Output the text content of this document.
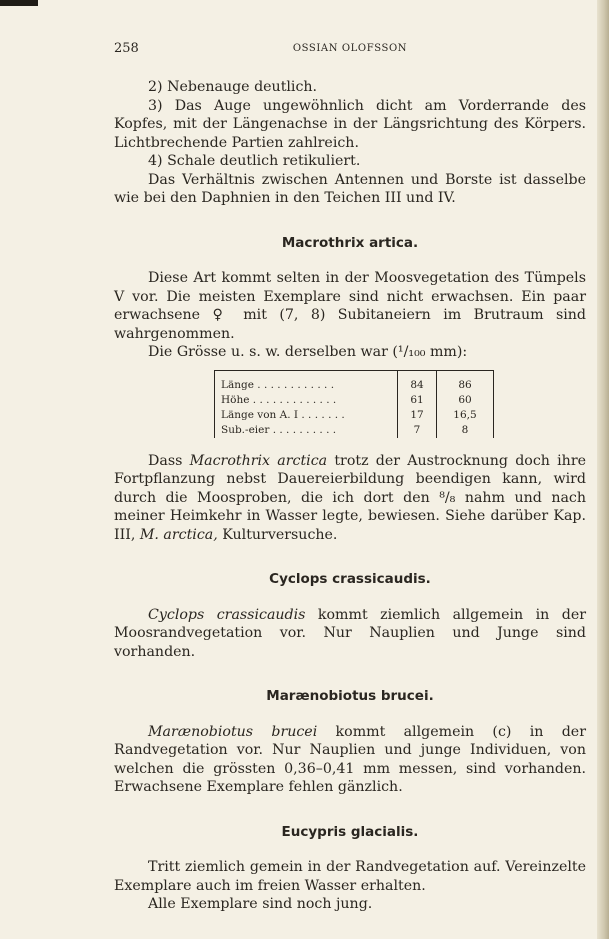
258	OSSIAN OLOFSSON

2) Nebenauge deutlich.

3) Das Auge ungewöhnlich dicht am Vorderrande des Kopfes, mit der Längenachse in der Längsrichtung des Körpers. Lichtbrechende Partien zahlreich.

4) Schale deutlich retikuliert.

Das Verhältnis zwischen Antennen und Borste ist dasselbe wie bei den Daphnien in den Teichen III und IV.

Macrothrix artica.

Diese Art kommt selten in der Moosvegetation des Tümpels V vor. Die meisten Exemplare sind nicht erwachsen. Ein paar erwachsene ♀ mit (7, 8) Subitaneiern im Brutraum sind wahrgenommen.

Die Grösse u. s. w. derselben war (¹/₁₀₀ mm):

Länge . . . . . . . . . . . .	84	86
Höhe . . . . . . . . . . . . .	61	60
Länge von A. I . . . . . . .	17	16,5
Sub.-eier . . . . . . . . . .	7	8

Dass Macrothrix arctica trotz der Austrocknung doch ihre Fortpflanzung nebst Dauereierbildung beendigen kann, wird durch die Moosproben, die ich dort den ⁸/₈ nahm und nach meiner Heimkehr in Wasser legte, bewiesen. Siehe darüber Kap. III, M. arctica, Kulturversuche.

Cyclops crassicaudis.

Cyclops crassicaudis kommt ziemlich allgemein in der Moosrandvegetation vor. Nur Nauplien und Junge sind vorhanden.

Marænobiotus brucei.

Marænobiotus brucei kommt allgemein (c) in der Randvegetation vor. Nur Nauplien und junge Individuen, von welchen die grössten 0,36–0,41 mm messen, sind vorhanden. Erwachsene Exemplare fehlen gänzlich.

Eucypris glacialis.

Tritt ziemlich gemein in der Randvegetation auf. Vereinzelte Exemplare auch im freien Wasser erhalten.

Alle Exemplare sind noch jung.
